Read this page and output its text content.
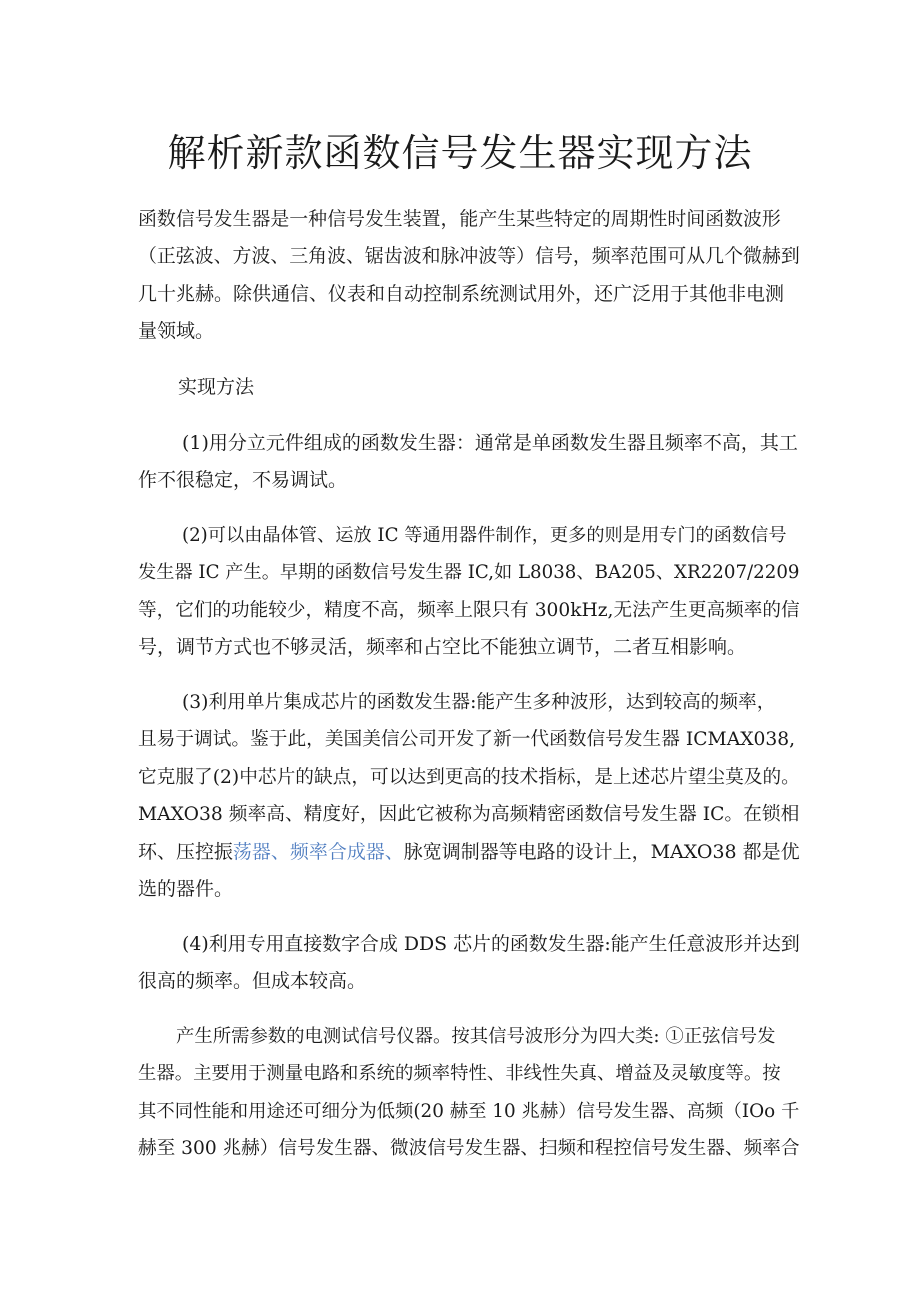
解析新款函数信号发生器实现方法
函数信号发生器是一种信号发生装置，能产生某些特定的周期性时间函数波形
（正弦波、方波、三角波、锯齿波和脉冲波等）信号，频率范围可从几个微赫到
几十兆赫。除供通信、仪表和自动控制系统测试用外，还广泛用于其他非电测
量领域。
实现方法
(1)用分立元件组成的函数发生器：通常是单函数发生器且频率不高，其工
作不很稳定，不易调试。
(2)可以由晶体管、运放 IC 等通用器件制作，更多的则是用专门的函数信号
发生器 IC 产生。早期的函数信号发生器 IC,如 L8038、BA205、XR2207/2209
等，它们的功能较少，精度不高，频率上限只有 300kHz,无法产生更高频率的信
号，调节方式也不够灵活，频率和占空比不能独立调节，二者互相影响。
(3)利用单片集成芯片的函数发生器:能产生多种波形，达到较高的频率，
且易于调试。鉴于此，美国美信公司开发了新一代函数信号发生器 ICMAX038,
它克服了(2)中芯片的缺点，可以达到更高的技术指标，是上述芯片望尘莫及的。
MAXO38 频率高、精度好，因此它被称为高频精密函数信号发生器 IC。在锁相
环、压控振荡器、频率合成器、脉宽调制器等电路的设计上，MAXO38 都是优
选的器件。
(4)利用专用直接数字合成 DDS 芯片的函数发生器:能产生任意波形并达到
很高的频率。但成本较高。
产生所需参数的电测试信号仪器。按其信号波形分为四大类: ①正弦信号发
生器。主要用于测量电路和系统的频率特性、非线性失真、增益及灵敏度等。按
其不同性能和用途还可细分为低频(20 赫至 10 兆赫）信号发生器、高频（IOo 千
赫至 300 兆赫）信号发生器、微波信号发生器、扫频和程控信号发生器、频率合
